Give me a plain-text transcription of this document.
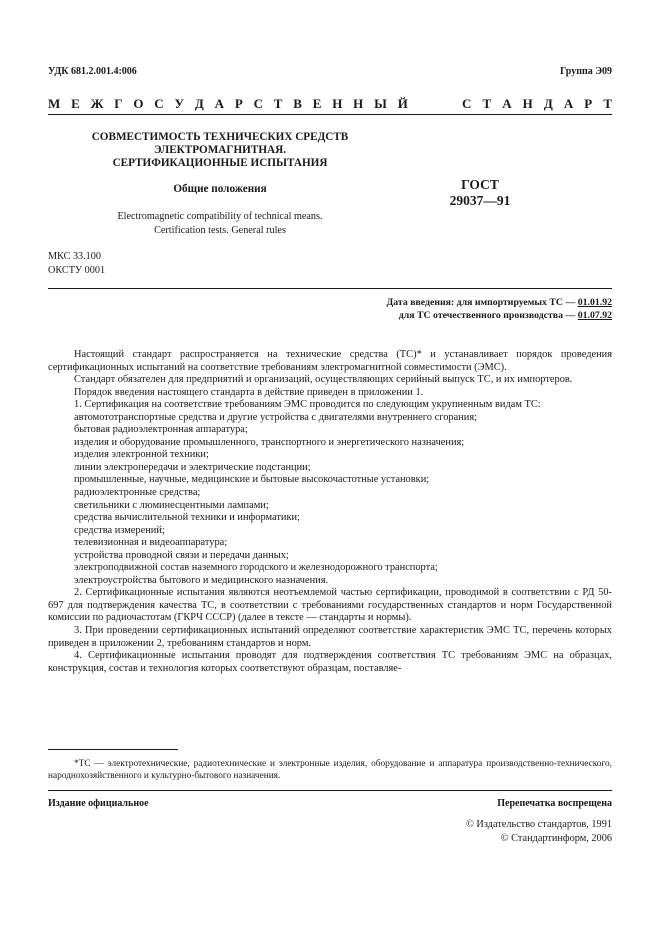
УДК 681.2.001.4:006	Группа Э09
М Е Ж Г О С У Д А Р С Т В Е Н Н Ы Й	С Т А Н Д А Р Т
СОВМЕСТИМОСТЬ ТЕХНИЧЕСКИХ СРЕДСТВ
ЭЛЕКТРОМАГНИТНАЯ.
СЕРТИФИКАЦИОННЫЕ ИСПЫТАНИЯ
Общие положения
Electromagnetic compatibility of technical means.
Certification tests. General rules
ГОСТ
29037—91
МКС 33.100
ОКСТУ 0001
Дата введения: для импортируемых ТС — 01.01.92
для ТС отечественного производства — 01.07.92

Настоящий стандарт распространяется на технические средства (ТС)* и устанавливает порядок проведения сертификационных испытаний на соответствие требованиям электромагнитной совместимости (ЭМС).

Стандарт обязателен для предприятий и организаций, осуществляющих серийный выпуск ТС, и их импортеров.

Порядок введения настоящего стандарта в действие приведен в приложении 1.

1. Сертификация на соответствие требованиям ЭМС проводится по следующим укрупненным видам ТС:

автомототранспортные средства и другие устройства с двигателями внутреннего сгорания;

бытовая радиоэлектронная аппаратура;

изделия и оборудование промышленного, транспортного и энергетического назначения;

изделия электронной техники;

линии электропередачи и электрические подстанции;

промышленные, научные, медицинские и бытовые высокочастотные установки;

радиоэлектронные средства;

светильники с люминесцентными лампами;

средства вычислительной техники и информатики;

средства измерений;

телевизионная и видеоаппаратура;

устройства проводной связи и передачи данных;

электроподвижной состав наземного городского и железнодорожного транспорта;

электроустройства бытового и медицинского назначения.

2. Сертификационные испытания являются неотъемлемой частью сертификации, проводимой в соответствии с РД 50-697 для подтверждения качества ТС, в соответствии с требованиями государственных стандартов и норм Государственной комиссии по радиочастотам (ГКРЧ СССР) (далее в тексте — стандарты и нормы).

3. При проведении сертификационных испытаний определяют соответствие характеристик ЭМС ТС, перечень которых приведен в приложении 2, требованиям стандартов и норм.

4. Сертификационные испытания проводят для подтверждения соответствия ТС требованиям ЭМС на образцах, конструкция, состав и технология которых соответствуют образцам, поставляе-

*ТС — электротехнические, радиотехнические и электронные изделия, оборудование и аппаратура производственно-технического, народнохозяйственного и культурно-бытового назначения.
Издание официальное	Перепечатка воспрещена
© Издательство стандартов, 1991
© Стандартинформ, 2006
